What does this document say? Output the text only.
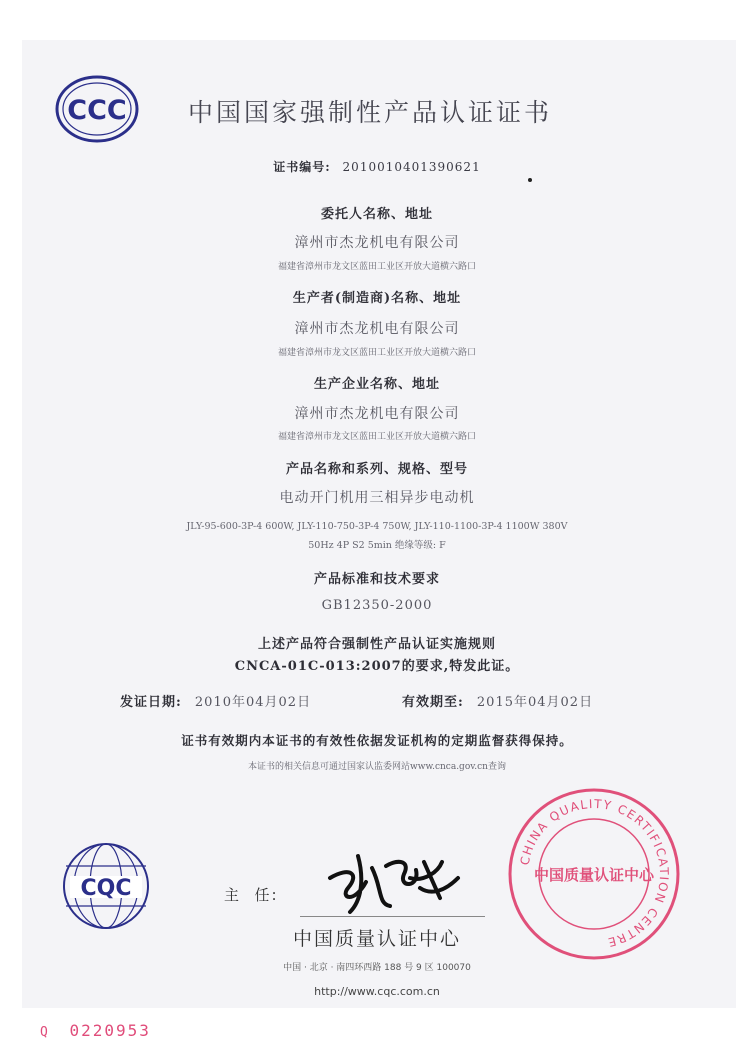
CCC 中国国家强制性产品认证证书
证书编号: 2010010401390621
委托人名称、地址
漳州市杰龙机电有限公司
福建省漳州市龙文区蓝田工业区开放大道横六路口
生产者(制造商)名称、地址
漳州市杰龙机电有限公司
福建省漳州市龙文区蓝田工业区开放大道横六路口
生产企业名称、地址
漳州市杰龙机电有限公司
福建省漳州市龙文区蓝田工业区开放大道横六路口
产品名称和系列、规格、型号
电动开门机用三相异步电动机
JLY-95-600-3P-4 600W, JLY-110-750-3P-4 750W, JLY-110-1100-3P-4 1100W 380V
50Hz 4P S2 5min 绝缘等级: F
产品标准和技术要求
GB12350-2000
上述产品符合强制性产品认证实施规则
CNCA-01C-013:2007的要求,特发此证。
发证日期: 2010年04月02日	有效期至: 2015年04月02日
证书有效期内本证书的有效性依据发证机构的定期监督获得保持。
本证书的相关信息可通过国家认监委网站www.cnca.gov.cn查询
CQC	主  任:
中国质量认证中心
中国 · 北京 · 南四环西路 188 号 9 区 100070
http://www.cqc.com.cn
CHINA QUALITY CERTIFICATION CENTRE
中国质量认证中心
Q 0220953
